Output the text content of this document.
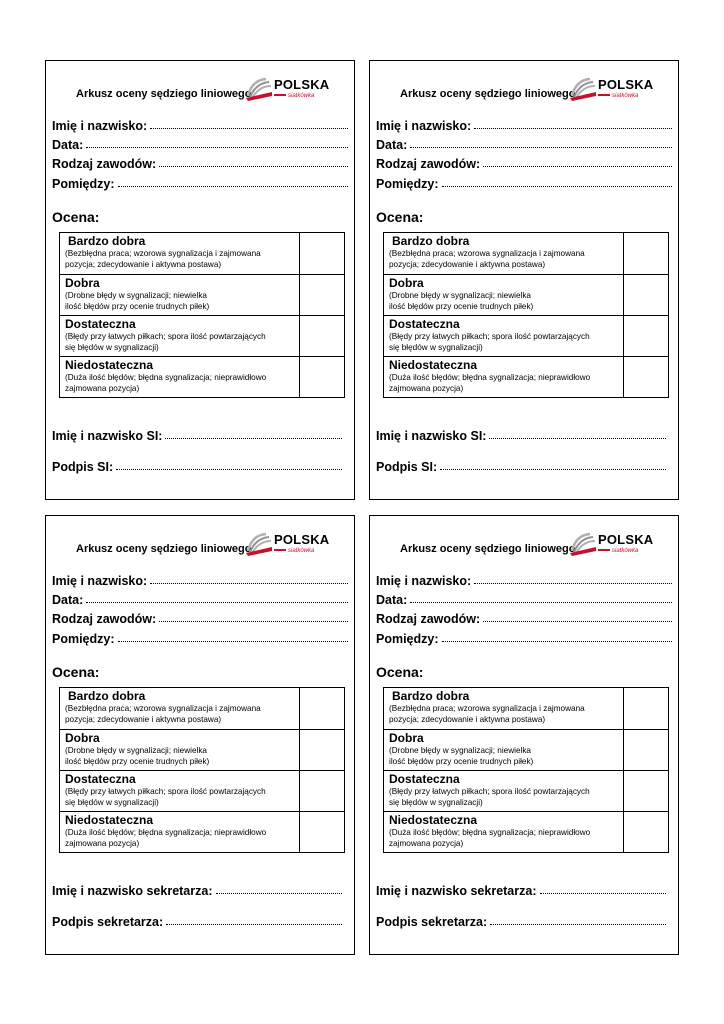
Arkusz oceny sędziego liniowego
POLSKA
siatkówka
Imię i nazwisko:
Data:
Rodzaj zawodów:
Pomiędzy:
Ocena:
Bardzo dobra
(Bezbłędna praca; wzorowa sygnalizacja i zajmowana
pozycja; zdecydowanie i aktywna postawa)
Dobra
(Drobne błędy w sygnalizacji; niewielka
ilość błędów przy ocenie trudnych piłek)
Dostateczna
(Błędy przy łatwych piłkach; spora ilość powtarzających
się błędów w sygnalizacji)
Niedostateczna
(Duża ilość błędów; błędna sygnalizacja; nieprawidłowo
zajmowana pozycja)
Imię i nazwisko SI:
Podpis SI:
Arkusz oceny sędziego liniowego
POLSKA
siatkówka
Imię i nazwisko:
Data:
Rodzaj zawodów:
Pomiędzy:
Ocena:
Bardzo dobra
(Bezbłędna praca; wzorowa sygnalizacja i zajmowana
pozycja; zdecydowanie i aktywna postawa)
Dobra
(Drobne błędy w sygnalizacji; niewielka
ilość błędów przy ocenie trudnych piłek)
Dostateczna
(Błędy przy łatwych piłkach; spora ilość powtarzających
się błędów w sygnalizacji)
Niedostateczna
(Duża ilość błędów; błędna sygnalizacja; nieprawidłowo
zajmowana pozycja)
Imię i nazwisko SI:
Podpis SI:
Arkusz oceny sędziego liniowego
POLSKA
siatkówka
Imię i nazwisko:
Data:
Rodzaj zawodów:
Pomiędzy:
Ocena:
Bardzo dobra
(Bezbłędna praca; wzorowa sygnalizacja i zajmowana
pozycja; zdecydowanie i aktywna postawa)
Dobra
(Drobne błędy w sygnalizacji; niewielka
ilość błędów przy ocenie trudnych piłek)
Dostateczna
(Błędy przy łatwych piłkach; spora ilość powtarzających
się błędów w sygnalizacji)
Niedostateczna
(Duża ilość błędów; błędna sygnalizacja; nieprawidłowo
zajmowana pozycja)
Imię i nazwisko sekretarza:
Podpis sekretarza:
Arkusz oceny sędziego liniowego
POLSKA
siatkówka
Imię i nazwisko:
Data:
Rodzaj zawodów:
Pomiędzy:
Ocena:
Bardzo dobra
(Bezbłędna praca; wzorowa sygnalizacja i zajmowana
pozycja; zdecydowanie i aktywna postawa)
Dobra
(Drobne błędy w sygnalizacji; niewielka
ilość błędów przy ocenie trudnych piłek)
Dostateczna
(Błędy przy łatwych piłkach; spora ilość powtarzających
się błędów w sygnalizacji)
Niedostateczna
(Duża ilość błędów; błędna sygnalizacja; nieprawidłowo
zajmowana pozycja)
Imię i nazwisko sekretarza:
Podpis sekretarza:
